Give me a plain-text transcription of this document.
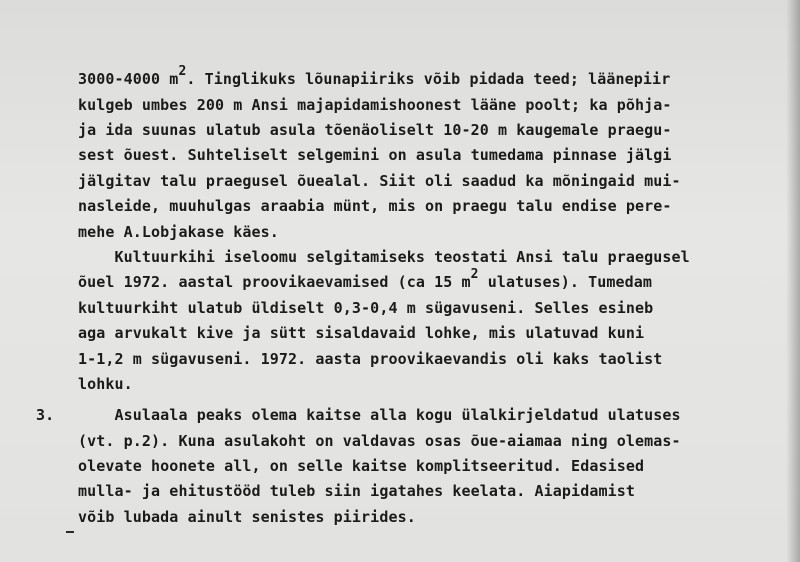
3000-4000 m2. Tinglikuks lõunapiiriks võib pidada teed; läänepiir
kulgeb umbes 200 m Ansi majapidamishoonest lääne poolt; ka põhja-
ja ida suunas ulatub asula tõenäoliselt 10-20 m kaugemale praegu-
sest õuest. Suhteliselt selgemini on asula tumedama pinnase jälgi
jälgitav talu praegusel õuealal. Siit oli saadud ka mõningaid mui-
nasleide, muuhulgas araabia münt, mis on praegu talu endise pere-
mehe A.Lobjakase käes.
Kultuurkihi iseloomu selgitamiseks teostati Ansi talu praegusel
õuel 1972. aastal proovikaevamised (ca 15 m2 ulatuses). Tumedam
kultuurkiht ulatub üldiselt 0,3-0,4 m sügavuseni. Selles esineb
aga arvukalt kive ja sütt sisaldavaid lohke, mis ulatuvad kuni
1-1,2 m sügavuseni. 1972. aasta proovikaevandis oli kaks taolist
lohku.
3. Asulaala peaks olema kaitse alla kogu ülalkirjeldatud ulatuses
(vt. p.2). Kuna asulakoht on valdavas osas õue-aiamaa ning olemas-
olevate hoonete all, on selle kaitse komplitseeritud. Edasised
mulla- ja ehitustööd tuleb siin igatahes keelata. Aiapidamist
võib lubada ainult senistes piirides.
